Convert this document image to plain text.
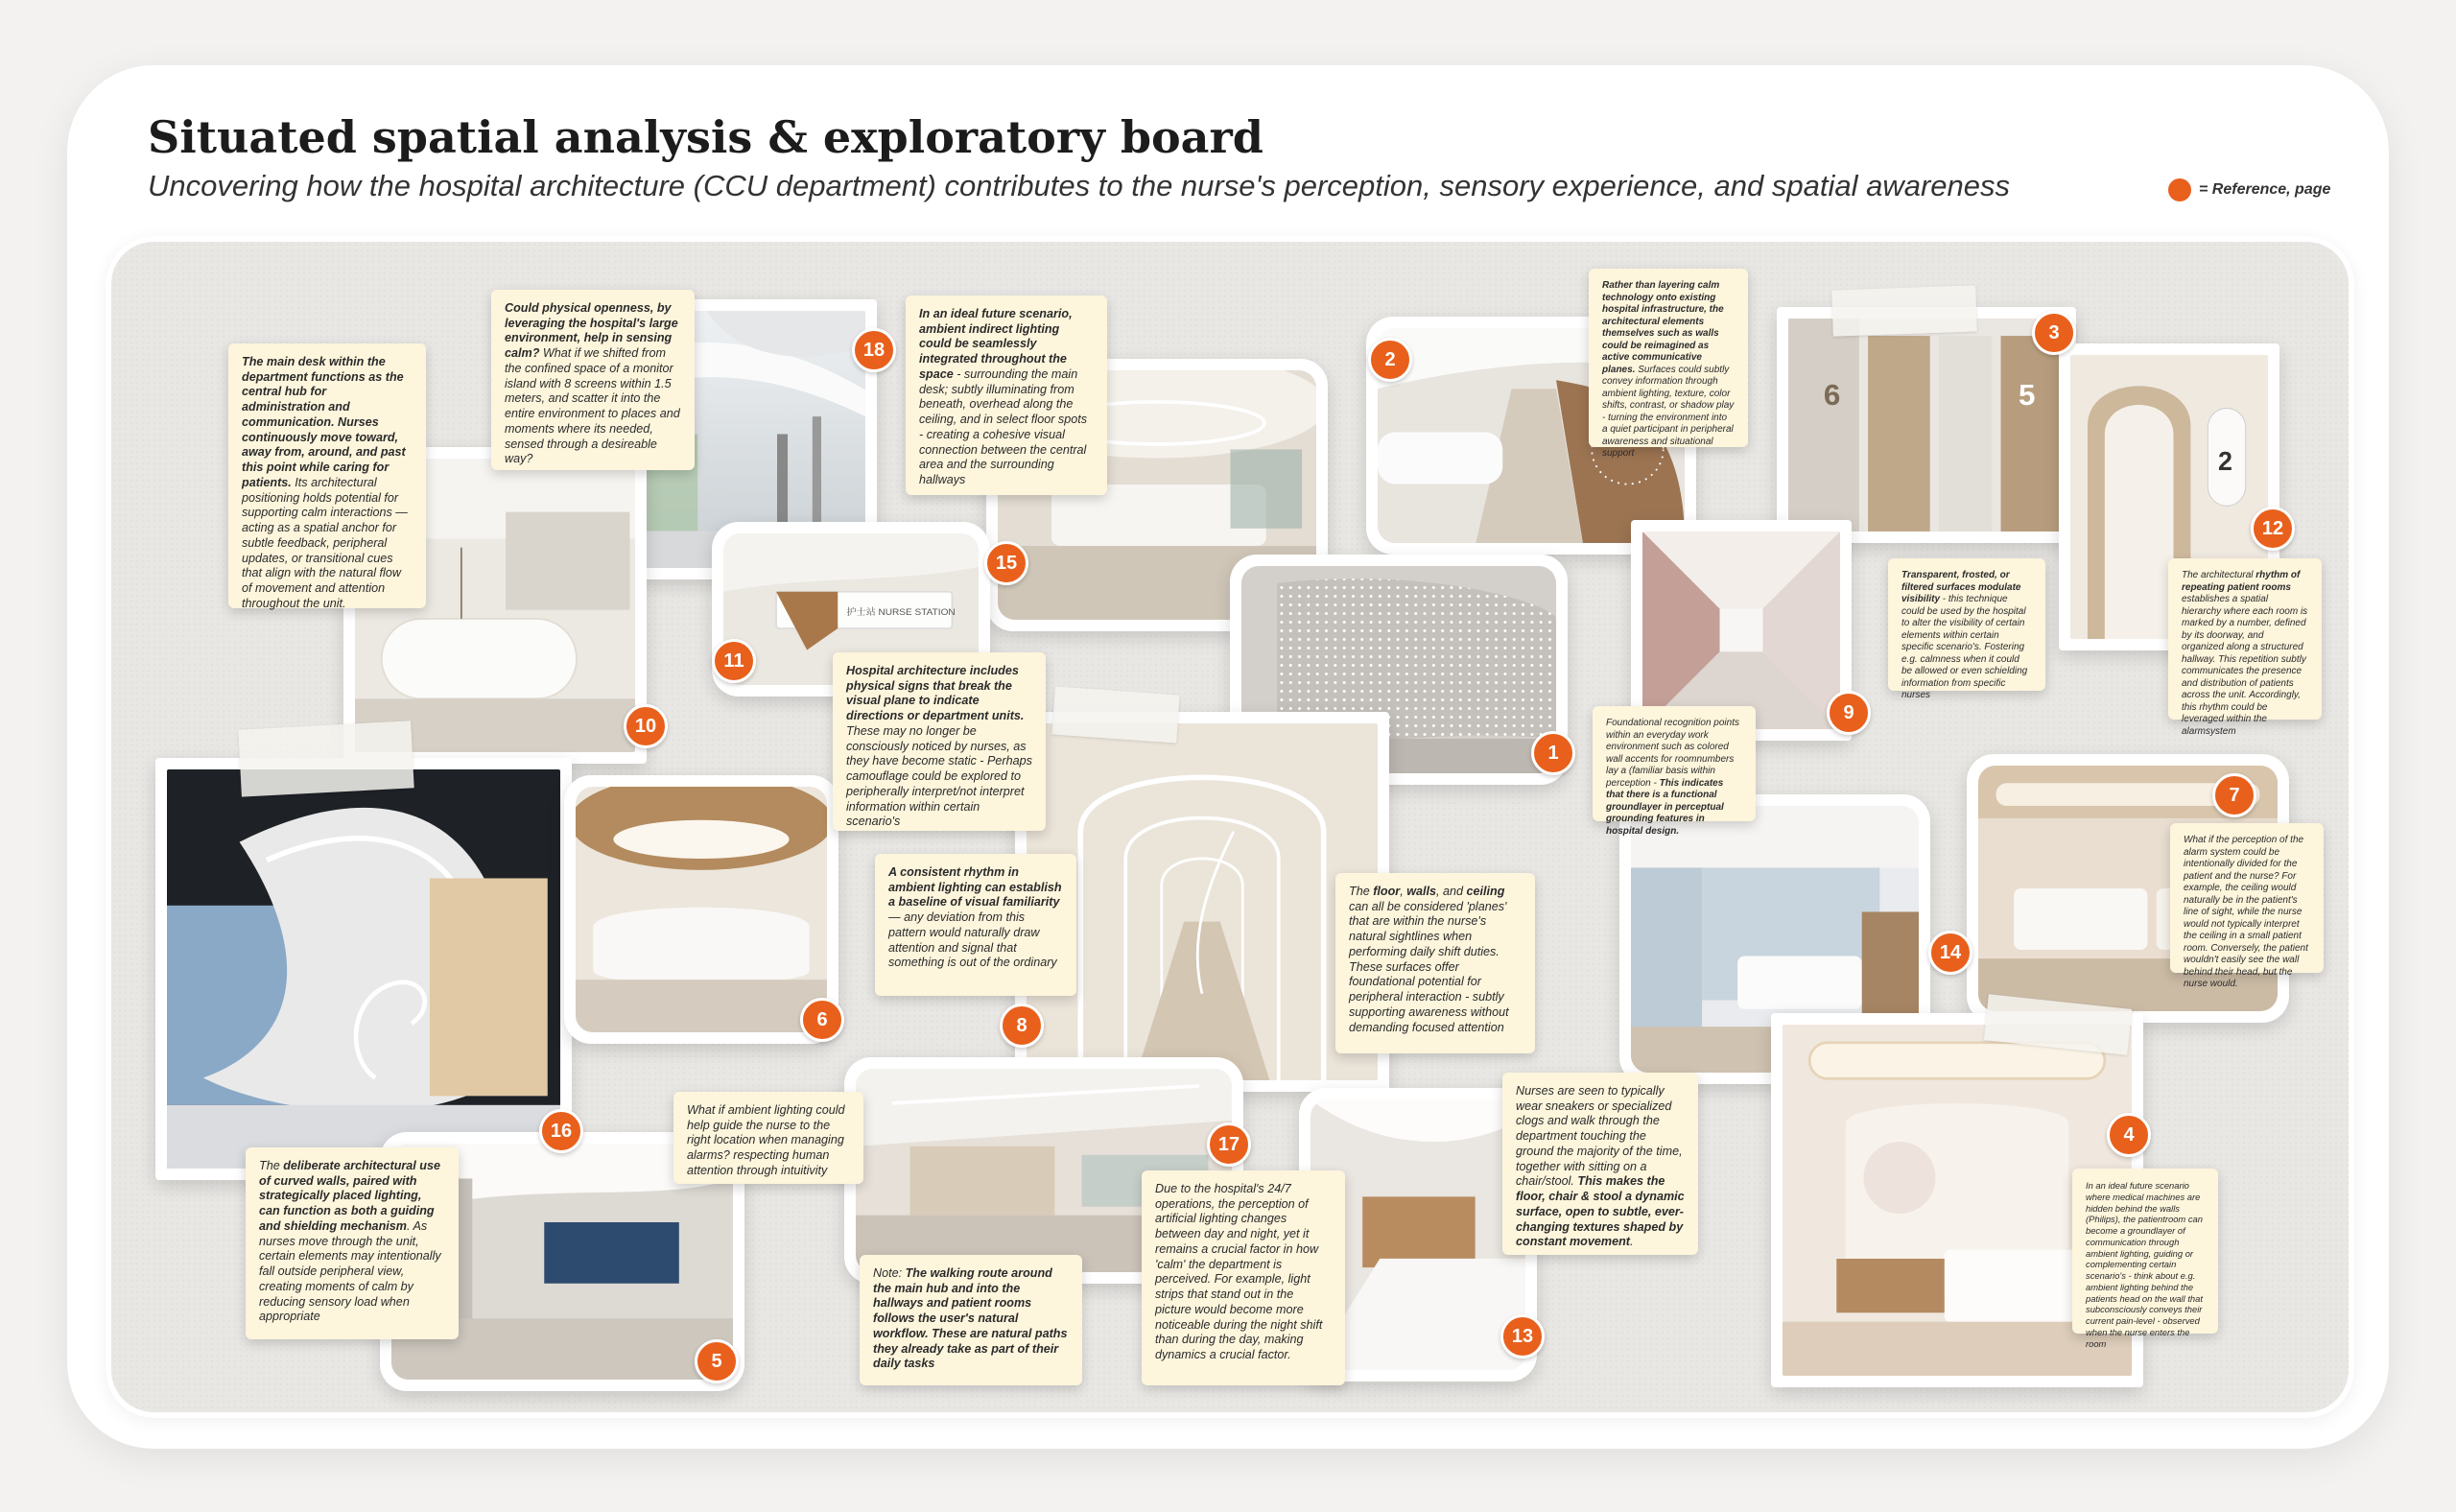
Situated spatial analysis & exploratory board
Uncovering how the hospital architecture (CCU department) contributes to the nurse's perception, sensory experience, and spatial awareness	= Reference, page
护士站 NURSE STATION
6	5
2
The main desk within the department functions as the central hub for administration and communication. Nurses continuously move toward, away from, around, and past this point while caring for patients. Its architectural positioning holds potential for supporting calm interactions — acting as a spatial anchor for subtle feedback, peripheral updates, or transitional cues that align with the natural flow of movement and attention throughout the unit.
Could physical openness, by leveraging the hospital's large environment, help in sensing calm? What if we shifted from the confined space of a monitor island with 8 screens within 1.5 meters, and scatter it into the entire environment to places and moments where its needed, sensed through a desireable way?
In an ideal future scenario, ambient indirect lighting could be seamlessly integrated throughout the space - surrounding the main desk; subtly illuminating from beneath, overhead along the ceiling, and in select floor spots - creating a cohesive visual connection between the central area and the surrounding hallways
Rather than layering calm technology onto existing hospital infrastructure, the architectural elements themselves such as walls could be reimagined as active communicative planes. Surfaces could subtly convey information through ambient lighting, texture, color shifts, contrast, or shadow play - turning the environment into a quiet participant in peripheral awareness and situational support
Transparent, frosted, or filtered surfaces modulate visibility - this technique could be used by the hospital to alter the visibility of certain elements within certain specific scenario's. Fostering e.g. calmness when it could be allowed or even schielding information from specific nurses
The architectural rhythm of repeating patient rooms establishes a spatial hierarchy where each room is marked by a number, defined by its doorway, and organized along a structured hallway. This repetition subtly communicates the presence and distribution of patients across the unit. Accordingly, this rhythm could be leveraged within the alarmsystem
Hospital architecture includes physical signs that break the visual plane to indicate directions or department units. These may no longer be consciously noticed by nurses, as they have become static - Perhaps camouflage could be explored to peripherally interpret/not interpret information within certain scenario's
Foundational recognition points within an everyday work environment such as colored wall accents for roomnumbers lay a (familiar basis within perception - This indicates that there is a functional groundlayer in perceptual grounding features in hospital design.
A consistent rhythm in ambient lighting can establish a baseline of visual familiarity — any deviation from this pattern would naturally draw attention and signal that something is out of the ordinary
The floor, walls, and ceiling can all be considered 'planes' that are within the nurse's natural sightlines when performing daily shift duties. These surfaces offer foundational potential for peripheral interaction - subtly supporting awareness without demanding focused attention
What if the perception of the alarm system could be intentionally divided for the patient and the nurse? For example, the ceiling would naturally be in the patient's line of sight, while the nurse would not typically interpret the ceiling in a small patient room. Conversely, the patient wouldn't easily see the wall behind their head, but the nurse would.
The deliberate architectural use of curved walls, paired with strategically placed lighting, can function as both a guiding and shielding mechanism. As nurses move through the unit, certain elements may intentionally fall outside peripheral view, creating moments of calm by reducing sensory load when appropriate
What if ambient lighting could help guide the nurse to the right location when managing alarms? respecting human attention through intuitivity
Note: The walking route around the main hub and into the hallways and patient rooms follows the user's natural workflow. These are natural paths they already take as part of their daily tasks
Due to the hospital's 24/7 operations, the perception of artificial lighting changes between day and night, yet it remains a crucial factor in how 'calm' the department is perceived. For example, light strips that stand out in the picture would become more noticeable during the night shift than during the day, making dynamics a crucial factor.
Nurses are seen to typically wear sneakers or specialized clogs and walk through the department touching the ground the majority of the time, together with sitting on a chair/stool. This makes the floor, chair & stool a dynamic surface, open to subtle, ever-changing textures shaped by constant movement.
In an ideal future scenario where medical machines are hidden behind the walls (Philips), the patientroom can become a groundlayer of communication through ambient lighting, guiding or complementing certain scenario's - think about e.g. ambient lighting behind the patients head on the wall that subconsciously conveys their current pain-level - observed when the nurse enters the room
1
2
3
4
5
6
7
8
9
10
11
12
13
14
15
16
17
18
